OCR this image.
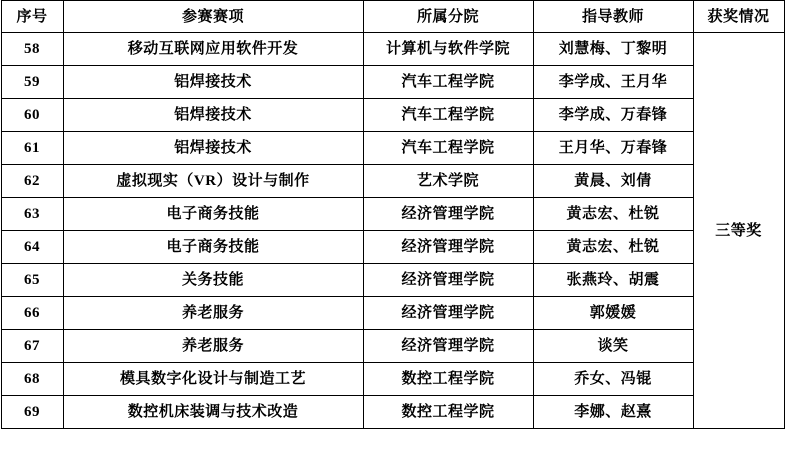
序号	参赛赛项	所属分院	指导教师	获奖情况
58	移动互联网应用软件开发	计算机与软件学院	刘慧梅、丁黎明	三等奖
59	铝焊接技术	汽车工程学院	李学成、王月华	
60	铝焊接技术	汽车工程学院	李学成、万春锋	
61	铝焊接技术	汽车工程学院	王月华、万春锋	
62	虚拟现实（VR）设计与制作	艺术学院	黄晨、刘倩	
63	电子商务技能	经济管理学院	黄志宏、杜锐	
64	电子商务技能	经济管理学院	黄志宏、杜锐	
65	关务技能	经济管理学院	张燕玲、胡震	
66	养老服务	经济管理学院	郭媛媛	
67	养老服务	经济管理学院	谈笑	
68	模具数字化设计与制造工艺	数控工程学院	乔女、冯锟	
69	数控机床装调与技术改造	数控工程学院	李娜、赵熹	
